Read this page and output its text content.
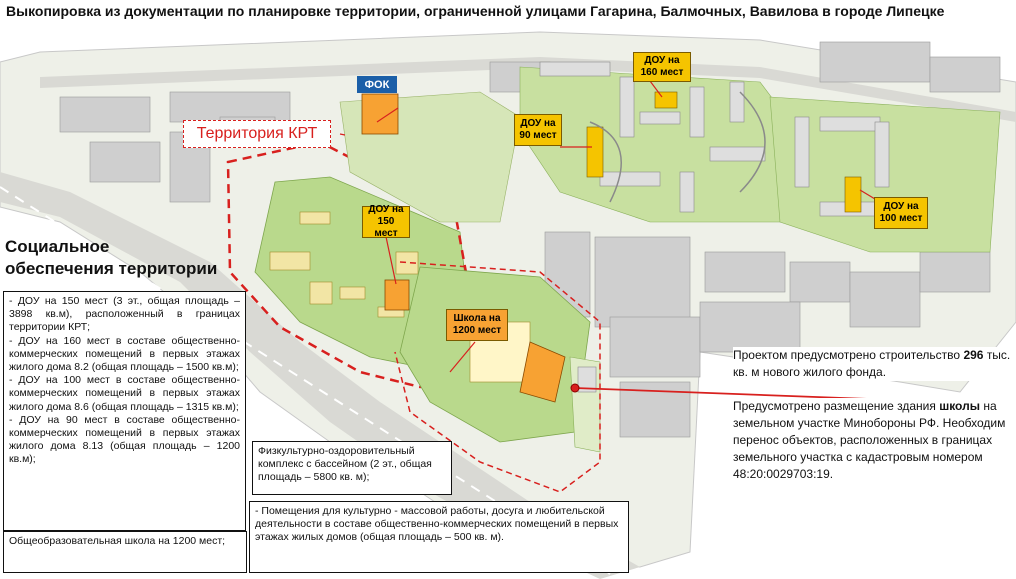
Выкопировка из документации по планировке территории, ограниченной улицами Гагарина, Балмочных, Вавилова в городе Липецке
ДОУ на 160 мест
ДОУ на 90 мест
ДОУ на 150 мест
ДОУ на 100 мест
Школа на 1200 мест
ФОК
Территория КРТ
Социальное
обеспечения территории

- ДОУ на 150 мест (3 эт., общая площадь – 3898 кв.м), расположенный в границах территории КРТ;

- ДОУ на 160 мест в составе общественно-коммерческих помещений в первых этажах жилого дома 8.2 (общая площадь – 1500 кв.м);

- ДОУ на 100 мест в составе общественно-коммерческих помещений в первых этажах жилого дома 8.6 (общая площадь – 1315 кв.м);

- ДОУ на 90 мест в составе общественно-коммерческих помещений в первых этажах жилого дома 8.13 (общая площадь – 1200 кв.м);

Общеобразовательная школа на 1200 мест;
Физкультурно-оздоровительный комплекс с бассейном (2 эт., общая площадь – 5800 кв. м);
- Помещения для культурно - массовой работы, досуга и любительской деятельности в составе общественно-коммерческих помещений в первых этажах жилых домов (общая площадь – 500 кв. м).
Проектом предусмотрено строительство 296 тыс. кв. м нового жилого фонда.
Предусмотрено размещение здания школы на земельном участке Минобороны РФ. Необходим перенос объектов, расположенных в границах земельного участка с кадастровым номером 48:20:0029703:19.
